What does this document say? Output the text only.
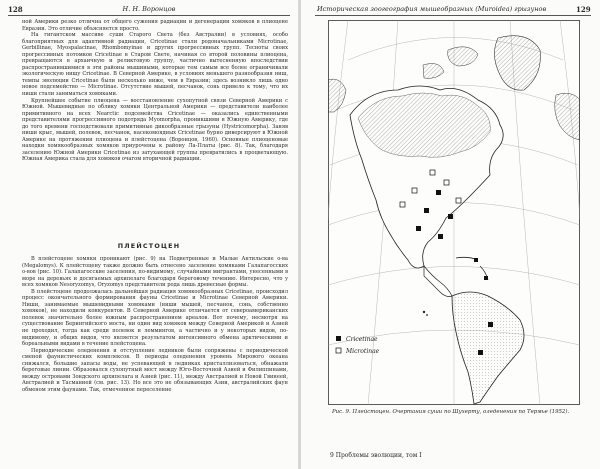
128	Н. Н. Воронцов

ной Америки резко отлична от общего сужения радиации и дегенерации хомяков в плиоцене Евразии. Это отличие объясняется просто.

На гигантском массиве суши Старого Света (без Австралии) в условиях, особо благоприятных для адаптивной радиации, Cricetinae стали родоначальниками Microtinae, Gerbillinae, Myospalacinae, Rhombomyinae и других прогрессивных групп. Тесноты своих прогрессивных потомков Cricetinae в Старом Свете, начиная со второй половины плиоцена, превращаются в архаичную и реликтовую группу, частично вытесненную впоследствии распространившимися в эти районы мышиными, которые тем самым все более ограничивали экологическую нишу Cricetinae. В Северной Америке, в условиях меньшего разнообразия ниш, темпы эволюции Cricetinae были несколько ниже, чем в Евразии; здесь возникло лишь одно новое подсемейство — Microtinae. Отсутствие мышей, песчанок, сонь привело к тому, что их ниши стали заниматься хомяками.

Крупнейшее событие плиоцена — восстановление сухопутной связи Северной Америки с Южной. Мышевидные по облику хомяки Центральной Америки — представители наиболее примитивного на всех Nearctic подсемейства Cricetinae — оказались единственными представителями прогрессивного подотряда Myomorpha, проникшими в Южную Америку, где до того времени господствовали примитивные дикообразные грызуны (Hystricomorpha). Заняв ниши крыс, мышей, полевок, песчанок, насекомоядных Cricetinae бурно диверсируют в Южной Америке на протяжении плиоцена и плейстоцена (Воронцов, 1960). Основные плиоценовые находки хомякообразных хомяков приурочены к району Ла-Платы (рис. 8). Так, благодаря заселению Южной Америки Cricetinae из затухающей группы превратились в процветающую. Южная Америка стала для хомяков очагом вторичной радиации.

ПЛЕЙСТОЦЕН

В плейстоцене хомяки проникают (рис. 9) на Подветренные и Малые Антильские о-ва (Megalomys). К плейстоцену также должно быть отнесено заселение хомяками Галапагосских о-вов (рис. 10). Галапагосские заселения, по-видимому, случайными мигрантами, унесенными в море на деревьях и досягаемых архипелаге благодаря береговому течению. Интересно, что у всех хомяков Nesoryzomys, Oryzomys представители рода лишь древесные формы.

В плейстоцене продолжалась дальнейшая радиация хомякообразных Cricetinae, происходил процесс окончательного формирования фауны Cricetinae и Microtinae Северной Америки. Ниши, занимаемые мышевидными хомяками (ниши мышей, песчанок, сонь, собственно хомяков), не находили конкурентов. В Северной Америке отличается от североамериканских полевок значительно более южным распространением ареалов. Вот почему, несмотря на существование Берингийского моста, ни один вид хомяков между Северной Америкой и Азией не проходил, тогда как среди полевок и леммингов, а частично и у некоторых видов, по-видимому, и общих видов, что является результатом интенсивного обмена арктическими и бореальными видами в течение плейстоцена.

Периодические оледенения и отступление ледников были сопряжены с периодической сменой фаунистических комплексов. В периоды оледенения уровень Мирового океана снижался, большие запасы воды, не успевающей в ледниках кристаллизоваться, обнажали береговые линии. Образовался сухопутный мост между Юго-Восточной Азией и Филиппинами, между островами Зондского архипелага и Азией (рис. 11), между Австралией и Новой Гвинеей, Австралией и Тасманией (см. рис. 13). Но все это не обязывающих Азии, австралийских фаун обменом этим фаунами. Так, отмеченное переселение

Историческая зоогеография мышеобразных (Muroidea) грызунов	129
Cricetinae
Microtinae
Рис. 9. Плейстоцен. Очертания суши по Шухерту, оледенения по Термье (1952).
9 Проблемы эволюции, том I
